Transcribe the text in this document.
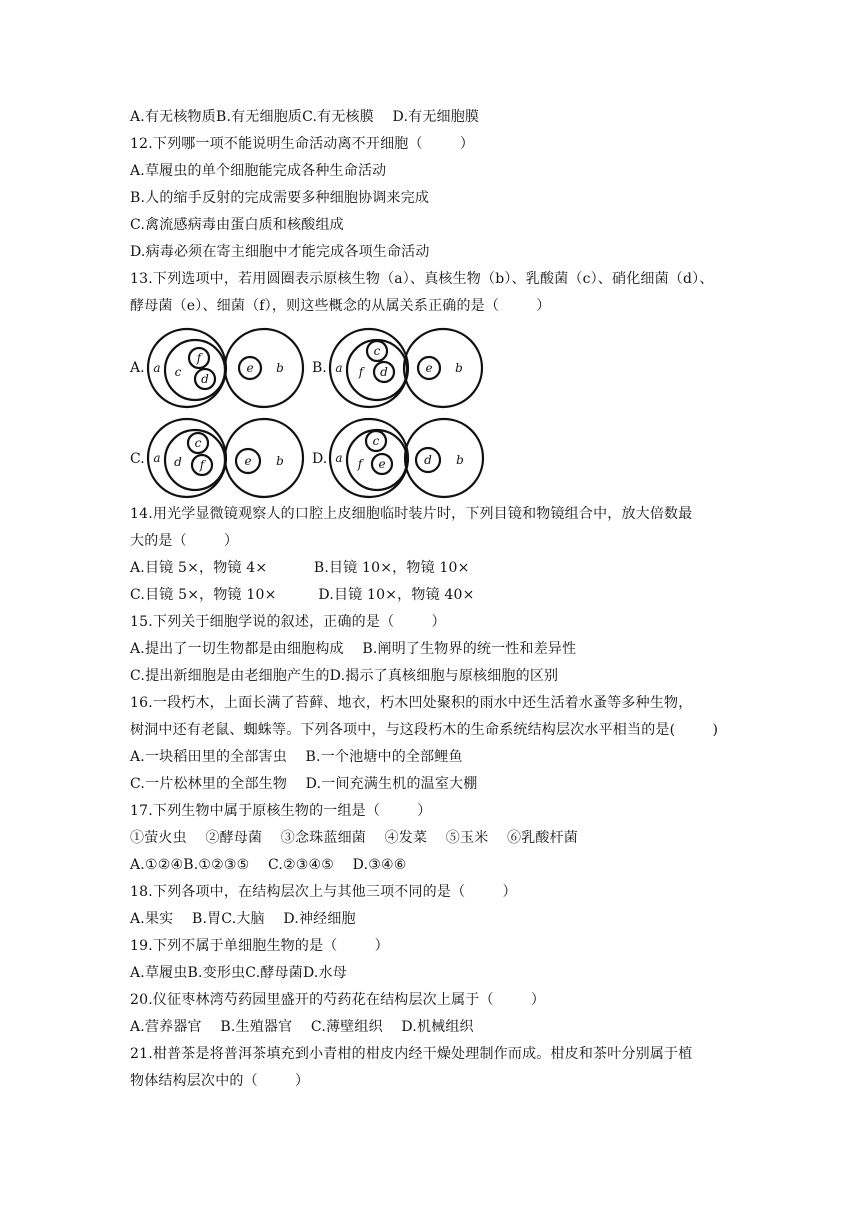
A.有无核物质B.有无细胞质C.有无核膜    D.有无细胞膜
12.下列哪一项不能说明生命活动离不开细胞（        ）
A.草履虫的单个细胞能完成各种生命活动
B.人的缩手反射的完成需要多种细胞协调来完成
C.禽流感病毒由蛋白质和核酸组成
D.病毒必须在寄主细胞中才能完成各项生命活动
13.下列选项中，若用圆圈表示原核生物（a）、真核生物（b）、乳酸菌（c）、硝化细菌（d）、
酵母菌（e）、细菌（f），则这些概念的从属关系正确的是（        ）
A. a c
f
d
e b B. a f
c
d	e b
C. a d
c
f	e b D. a f
c
e	d b
14.用光学显微镜观察人的口腔上皮细胞临时装片时，下列目镜和物镜组合中，放大倍数最
大的是（        ）
A.目镜 5×，物镜 4×          B.目镜 10×，物镜 10×
C.目镜 5×，物镜 10×         D.目镜 10×，物镜 40×
15.下列关于细胞学说的叙述，正确的是（        ）
A.提出了一切生物都是由细胞构成    B.阐明了生物界的统一性和差异性
C.提出新细胞是由老细胞产生的D.揭示了真核细胞与原核细胞的区别
16.一段朽木，上面长满了苔藓、地衣，朽木凹处聚积的雨水中还生活着水蚤等多种生物，
树洞中还有老鼠、蜘蛛等。下列各项中，与这段朽木的生命系统结构层次水平相当的是(        )
A.一块稻田里的全部害虫    B.一个池塘中的全部鲤鱼
C.一片松林里的全部生物    D.一间充满生机的温室大棚
17.下列生物中属于原核生物的一组是（        ）
①萤火虫    ②酵母菌    ③念珠蓝细菌    ④发菜    ⑤玉米    ⑥乳酸杆菌
A.①②④B.①②③⑤    C.②③④⑤    D.③④⑥
18.下列各项中，在结构层次上与其他三项不同的是（        ）
A.果实    B.胃C.大脑    D.神经细胞
19.下列不属于单细胞生物的是（        ）
A.草履虫B.变形虫C.酵母菌D.水母
20.仪征枣林湾芍药园里盛开的芍药花在结构层次上属于（        ）
A.营养器官    B.生殖器官    C.薄壁组织    D.机械组织
21.柑普茶是将普洱茶填充到小青柑的柑皮内经干燥处理制作而成。柑皮和茶叶分别属于植
物体结构层次中的（        ）
